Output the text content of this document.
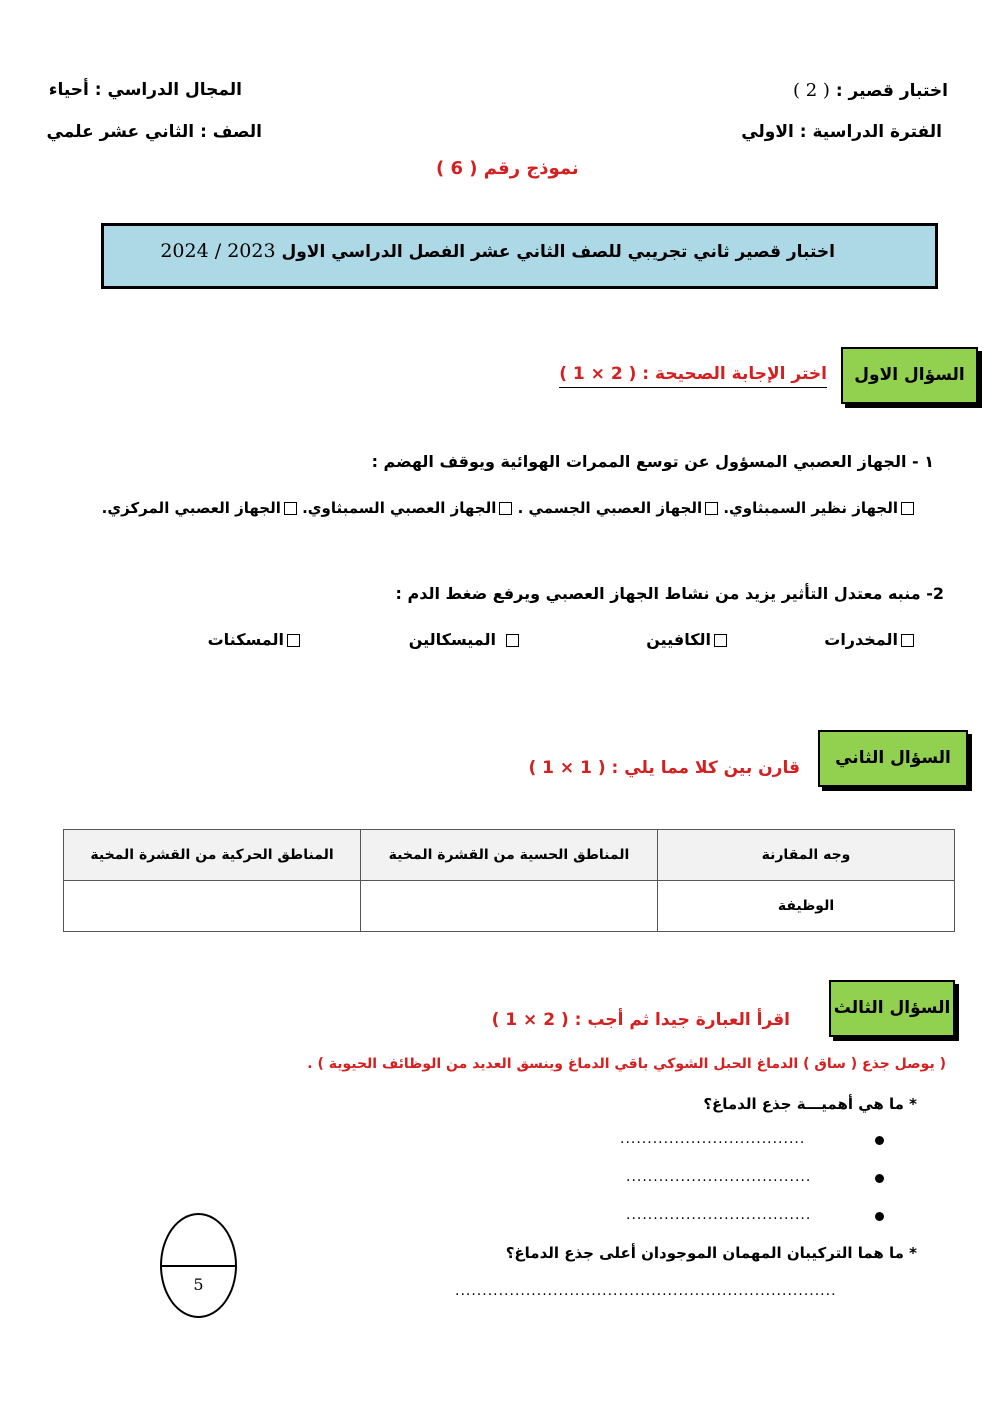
اختبار قصير : ( 2 )
الفترة الدراسية : الاولي
المجال الدراسي : أحياء
الصف : الثاني عشر علمي
نموذج رقم ( 6 )
اختبار قصير ثاني تجريبي للصف الثاني عشر الفصل الدراسي الاول 2023 / 2024
السؤال الاول
اختر الإجابة الصحيحة : ( 2 × 1 )
١ - الجهاز العصبي المسؤول عن توسع الممرات الهوائية ويوقف الهضم :
الجهاز نظير السمبثاوي. الجهاز العصبي الجسمي . الجهاز العصبي السمبثاوي. الجهاز العصبي المركزي.
2- منبه معتدل التأثير يزيد من نشاط الجهاز العصبي ويرفع ضغط الدم :
المخدرات
الكافيين
الميسكالين
المسكنات
السؤال الثاني
قارن بين كلا مما يلي : ( 1 × 1 )
وجه المقارنة	المناطق الحسية من القشرة المخية	المناطق الحركية من القشرة المخية
الوظيفة		
السؤال الثالث
اقرأ العبارة جيدا ثم أجب : ( 2 × 1 )
( يوصل جذع ( ساق ) الدماغ الحبل الشوكي باقي الدماغ وينسق العديد من الوظائف الحيوية ) .
* ما هي أهميـــة جذع الدماغ؟
..................................
..................................
..................................
* ما هما التركيبان المهمان الموجودان أعلى جذع الدماغ؟
......................................................................
5
